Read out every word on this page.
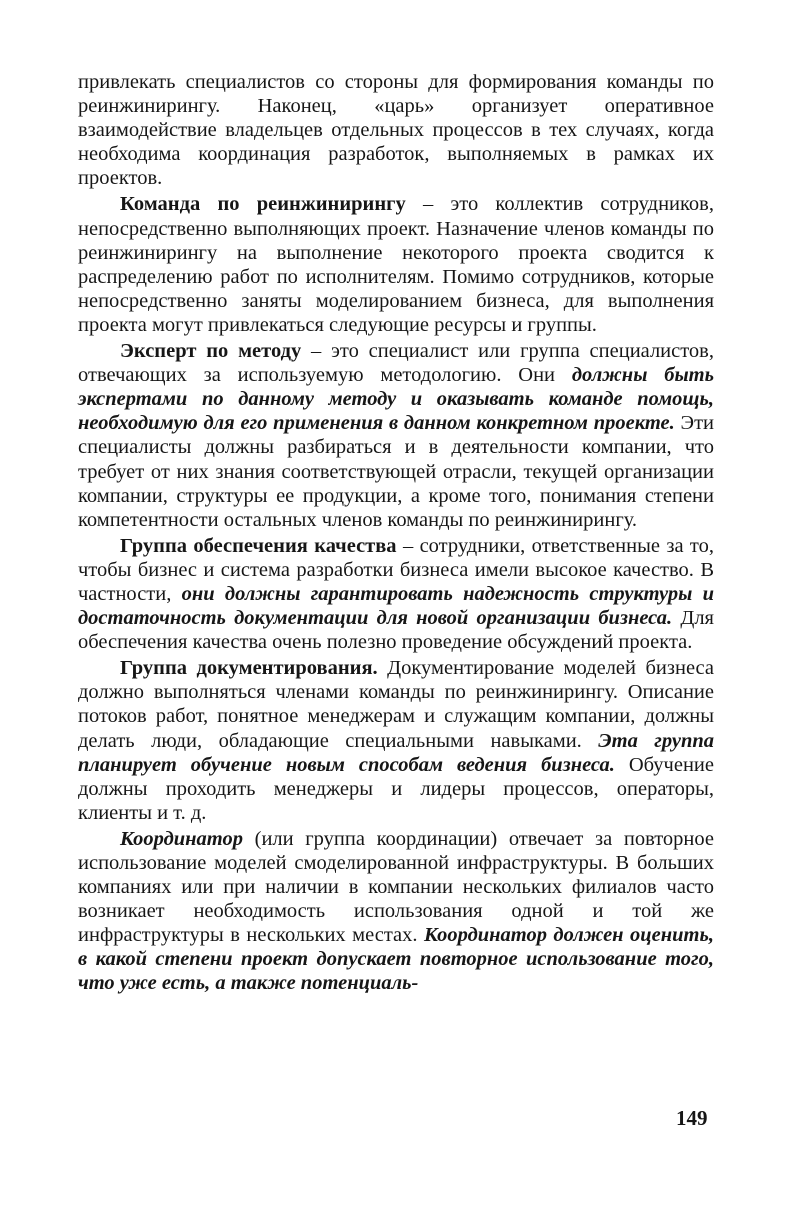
привлекать специалистов со стороны для формирования команды по реинжинирингу. Наконец, «царь» организует оперативное взаимодействие владельцев отдельных процессов в тех случаях, когда необходима координация разработок, выполняемых в рамках их проектов.

Команда по реинжинирингу – это коллектив сотрудников, непосредственно выполняющих проект. Назначение членов команды по реинжинирингу на выполнение некоторого проекта сводится к распределению работ по исполнителям. Помимо сотрудников, которые непосредственно заняты моделированием бизнеса, для выполнения проекта могут привлекаться следующие ресурсы и группы.

Эксперт по методу – это специалист или группа специалистов, отвечающих за используемую методологию. Они должны быть экспертами по данному методу и оказывать команде помощь, необходимую для его применения в данном конкретном проекте. Эти специалисты должны разбираться и в деятельности компании, что требует от них знания соответствующей отрасли, текущей организации компании, структуры ее продукции, а кроме того, понимания степени компетентности остальных членов команды по реинжинирингу.

Группа обеспечения качества – сотрудники, ответственные за то, чтобы бизнес и система разработки бизнеса имели высокое качество. В частности, они должны гарантировать надежность структуры и достаточность документации для новой организации бизнеса. Для обеспечения качества очень полезно проведение обсуждений проекта.

Группа документирования. Документирование моделей бизнеса должно выполняться членами команды по реинжинирингу. Описание потоков работ, понятное менеджерам и служащим компании, должны делать люди, обладающие специальными навыками. Эта группа планирует обучение новым способам ведения бизнеса. Обучение должны проходить менеджеры и лидеры процессов, операторы, клиенты и т. д.

Координатор (или группа координации) отвечает за повторное использование моделей смоделированной инфраструктуры. В больших компаниях или при наличии в компании нескольких филиалов часто возникает необходимость использования одной и той же инфраструктуры в нескольких местах. Координатор должен оценить, в какой степени проект допускает повторное использование того, что уже есть, а также потенциаль-

149
